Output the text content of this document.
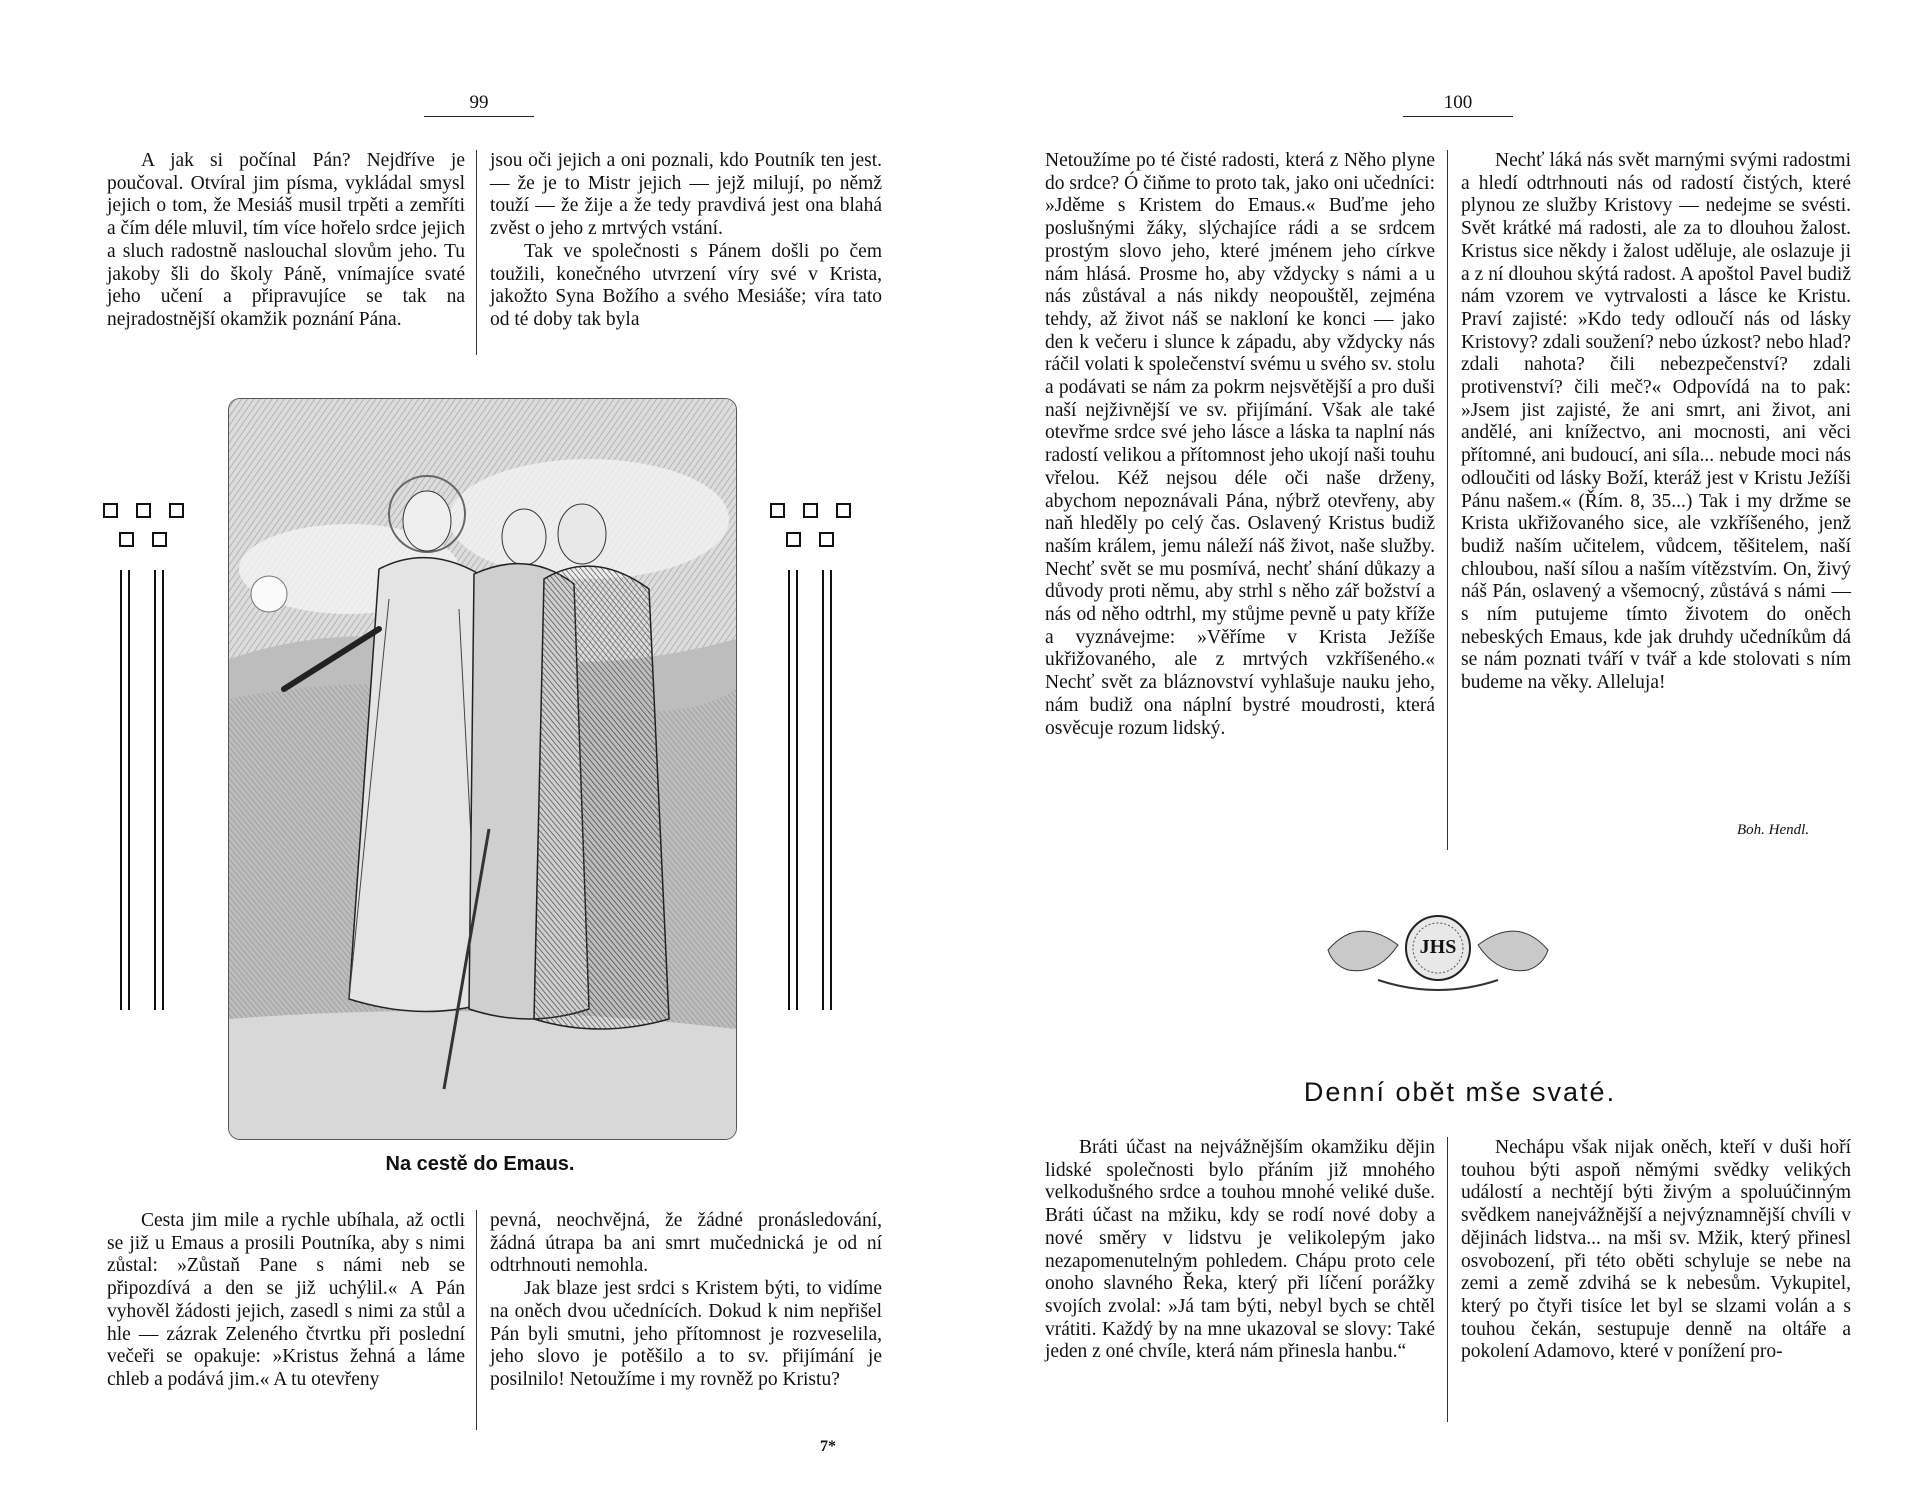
99

A jak si počínal Pán? Nejdříve je poučoval. Otvíral jim písma, vykládal smysl jejich o tom, že Mesiáš musil trpěti a zemříti a čím déle mluvil, tím více hořelo srdce jejich a sluch radostně naslouchal slovům jeho. Tu jakoby šli do školy Páně, vnímajíce svaté jeho učení a připravujíce se tak na nejradostnější okamžik poznání Pána.

jsou oči jejich a oni poznali, kdo Poutník ten jest.— že je to Mistr jejich — jejž milují, po němž touží — že žije a že tedy pravdivá jest ona blahá zvěst o jeho z mrtvých vstání.

Tak ve společnosti s Pánem došli po čem toužili, konečného utvrzení víry své v Krista, jakožto Syna Božího a svého Mesiáše; víra tato od té doby tak byla

Na cestě do Emaus.

Cesta jim mile a rychle ubíhala, až octli se již u Emaus a prosili Poutníka, aby s nimi zůstal: »Zůstaň Pane s námi neb se připozdívá a den se již uchýlil.« A Pán vyhověl žádosti jejich, zasedl s nimi za stůl a hle — zázrak Zeleného čtvrtku při poslední večeři se opakuje: »Kristus žehná a láme chleb a podává jim.« A tu otevřeny

pevná, neochvějná, že žádné pronásledování, žádná útrapa ba ani smrt mučednická je od ní odtrhnouti nemohla.

Jak blaze jest srdci s Kristem býti, to vidíme na oněch dvou učednících. Dokud k nim nepřišel Pán byli smutni, jeho přítomnost je rozveselila, jeho slovo je potěšilo a to sv. přijímání je posilnilo! Netoužíme i my rovněž po Kristu?

7*
100

Netoužíme po té čisté radosti, která z Něho plyne do srdce? Ó čiňme to proto tak, jako oni učedníci: »Jděme s Kristem do Emaus.« Buďme jeho poslušnými žáky, slýchajíce rádi a se srdcem prostým slovo jeho, které jménem jeho církve nám hlásá. Prosme ho, aby vždycky s námi a u nás zůstával a nás nikdy neopouštěl, zejména tehdy, až život náš se nakloní ke konci — jako den k večeru i slunce k západu, aby vždycky nás ráčil volati k společenství svému u svého sv. stolu a podávati se nám za pokrm nejsvětější a pro duši naší nejživnější ve sv. přijímání. Však ale také otevřme srdce své jeho lásce a láska ta naplní nás radostí velikou a přítomnost jeho ukojí naši touhu vřelou. Kéž nejsou déle oči naše drženy, abychom nepoznávali Pána, nýbrž otevřeny, aby naň hleděly po celý čas. Oslavený Kristus budiž naším králem, jemu náleží náš život, naše služby. Nechť svět se mu posmívá, nechť shání důkazy a důvody proti němu, aby strhl s něho zář božství a nás od něho odtrhl, my stůjme pevně u paty kříže a vyznávejme: »Věříme v Krista Ježíše ukřižovaného, ale z mrtvých vzkříšeného.« Nechť svět za bláznovství vyhlašuje nauku jeho, nám budiž ona náplní bystré moudrosti, která osvěcuje rozum lidský.

Nechť láká nás svět marnými svými radostmi a hledí odtrhnouti nás od radostí čistých, které plynou ze služby Kristovy — nedejme se svésti. Svět krátké má radosti, ale za to dlouhou žalost. Kristus sice někdy i žalost uděluje, ale oslazuje ji a z ní dlouhou skýtá radost. A apoštol Pavel budiž nám vzorem ve vytrvalosti a lásce ke Kristu. Praví zajisté: »Kdo tedy odloučí nás od lásky Kristovy? zdali soužení? nebo úzkost? nebo hlad? zdali nahota? čili nebezpečenství? zdali protivenství? čili meč?« Odpovídá na to pak: »Jsem jist zajisté, že ani smrt, ani život, ani andělé, ani knížectvo, ani mocnosti, ani věci přítomné, ani budoucí, ani síla... nebude moci nás odloučiti od lásky Boží, kteráž jest v Kristu Ježíši Pánu našem.« (Řím. 8, 35...) Tak i my držme se Krista ukřižovaného sice, ale vzkříšeného, jenž budiž naším učitelem, vůdcem, těšitelem, naší chloubou, naší sílou a naším vítězstvím. On, živý náš Pán, oslavený a všemocný, zůstává s námi — s ním putujeme tímto životem do oněch nebeských Emaus, kde jak druhdy učedníkům dá se nám poznati tváří v tvář a kde stolovati s ním budeme na věky. Alleluja!

Boh. Hendl.
JHS
Denní obět mše svaté.

Bráti účast na nejvážnějším okamžiku dějin lidské společnosti bylo přáním již mnohého velkodušného srdce a touhou mnohé veliké duše. Bráti účast na mžiku, kdy se rodí nové doby a nové směry v lidstvu je velikolepým jako nezapomenutelným pohledem. Chápu proto cele onoho slavného Řeka, který při líčení porážky svojích zvolal: »Já tam býti, nebyl bych se chtěl vrátiti. Každý by na mne ukazoval se slovy: Také jeden z oné chvíle, která nám přinesla hanbu.“

Nechápu však nijak oněch, kteří v duši hoří touhou býti aspoň němými svědky velikých událostí a nechtějí býti živým a spoluúčinným svědkem nanejvážnější a nejvýznamnější chvíli v dějinách lidstva... na mši sv. Mžik, který přinesl osvobození, při této oběti schyluje se nebe na zemi a země zdvihá se k nebesům. Vykupitel, který po čtyři tisíce let byl se slzami volán a s touhou čekán, sestupuje denně na oltáře a pokolení Adamovo, které v ponížení pro-
